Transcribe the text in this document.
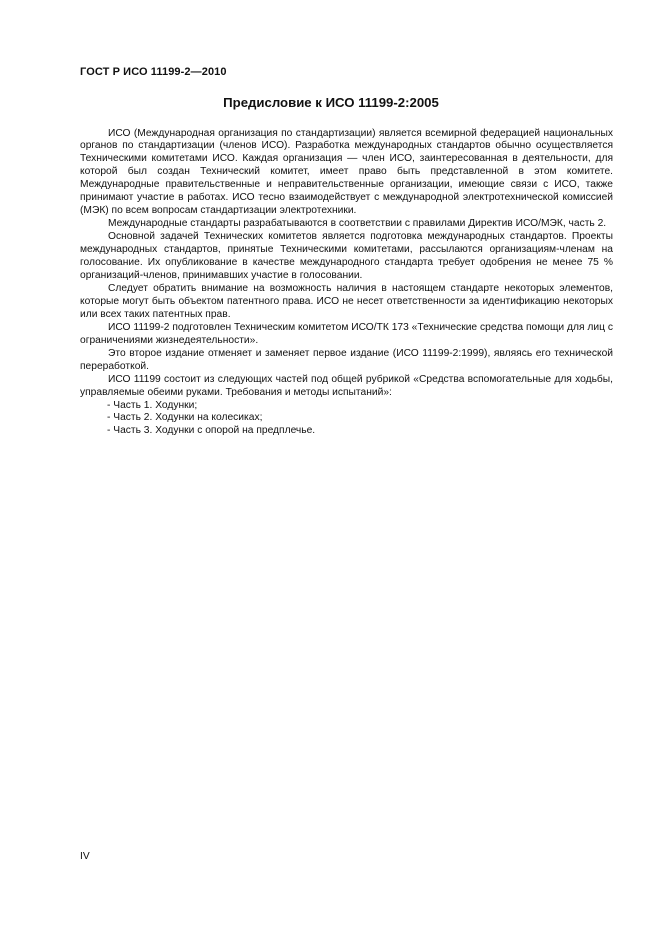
ГОСТ Р ИСО 11199-2—2010
Предисловие к ИСО 11199-2:2005

ИСО (Международная организация по стандартизации) является всемирной федерацией национальных органов по стандартизации (членов ИСО). Разработка международных стандартов обычно осуществляется Техническими комитетами ИСО. Каждая организация — член ИСО, заинтересованная в деятельности, для которой был создан Технический комитет, имеет право быть представленной в этом комитете. Международные правительственные и неправительственные организации, имеющие связи с ИСО, также принимают участие в работах. ИСО тесно взаимодействует с международной электротехнической комиссией (МЭК) по всем вопросам стандартизации электротехники.

Международные стандарты разрабатываются в соответствии с правилами Директив ИСО/МЭК, часть 2.

Основной задачей Технических комитетов является подготовка международных стандартов. Проекты международных стандартов, принятые Техническими комитетами, рассылаются организациям-членам на голосование. Их опубликование в качестве международного стандарта требует одобрения не менее 75 % организаций-членов, принимавших участие в голосовании.

Следует обратить внимание на возможность наличия в настоящем стандарте некоторых элементов, которые могут быть объектом патентного права. ИСО не несет ответственности за идентификацию некоторых или всех таких патентных прав.

ИСО 11199-2 подготовлен Техническим комитетом ИСО/ТК 173 «Технические средства помощи для лиц с ограничениями жизнедеятельности».

Это второе издание отменяет и заменяет первое издание (ИСО 11199-2:1999), являясь его технической переработкой.

ИСО 11199 состоит из следующих частей под общей рубрикой «Средства вспомогательные для ходьбы, управляемые обеими руками. Требования и методы испытаний»:

- Часть 1. Ходунки;
- Часть 2. Ходунки на колесиках;
- Часть 3. Ходунки с опорой на предплечье.
IV
